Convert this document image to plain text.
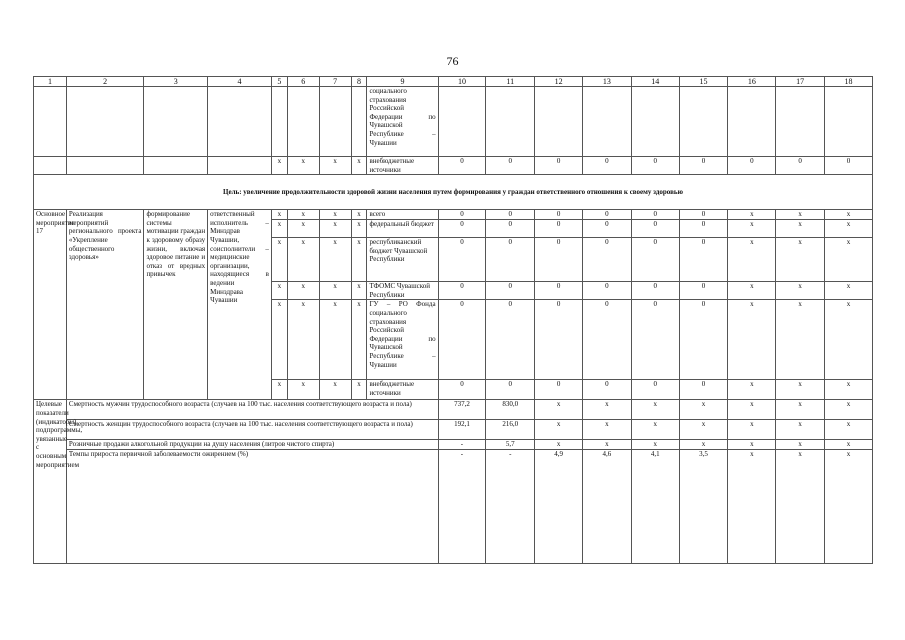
76
1	2	3	4	5	6	7	8	9	10	11	12	13	14	15	16	17	18
								социального страхования Российской Федерации по Чувашской Республике – Чувашии									
				x	x	x	x	внебюджетные источники	0	0	0	0	0	0	0	0	0
Цель: увеличение продолжительности здоровой жизни населения путем формирования у граждан ответственного отношения к своему здоровью																	
Основное мероприятие 17	Реализация мероприятий регионального проекта «Укрепление общественного здоровья»	формирование системы мотивации граждан к здоровому образу жизни, включая здоровое питание и отказ от вредных привычек	ответственный исполнитель – Минздрав Чувашии, соисполнители – медицинские организации, находящиеся в ведении Минздрава Чувашии	x	x	x	x	всего	0	0	0	0	0	0	x	x	x
				x	x	x	x	федеральный бюджет	0	0	0	0	0	0	x	x	x
				x	x	x	x	республиканский бюджет Чувашской Республики	0	0	0	0	0	0	x	x	x
				x	x	x	x	ТФОМС Чувашской Республики	0	0	0	0	0	0	x	x	x
				x	x	x	x	ГУ – РО Фонда социального страхования Российской Федерации по Чувашской Республике – Чувашии	0	0	0	0	0	0	x	x	x
				x	x	x	x	внебюджетные источники	0	0	0	0	0	0	x	x	x
Целевые показатели (индикаторы) подпрограммы, увязанные с основным мероприятием	Смертность мужчин трудоспособного возраста (случаев на 100 тыс. населения соответствующего возраста и пола)								737,2	830,0	x	x	x	x	x	x	x
	Смертность женщин трудоспособного возраста (случаев на 100 тыс. населения соответствующего возраста и пола)								192,1	216,0	x	x	x	x	x	x	x
	Розничные продажи алкогольной продукции на душу населения (литров чистого спирта)								-	5,7	x	x	x	x	x	x	x
	Темпы прироста первичной заболеваемости ожирением (%)								-	-	4,9	4,6	4,1	3,5	x	x	x
